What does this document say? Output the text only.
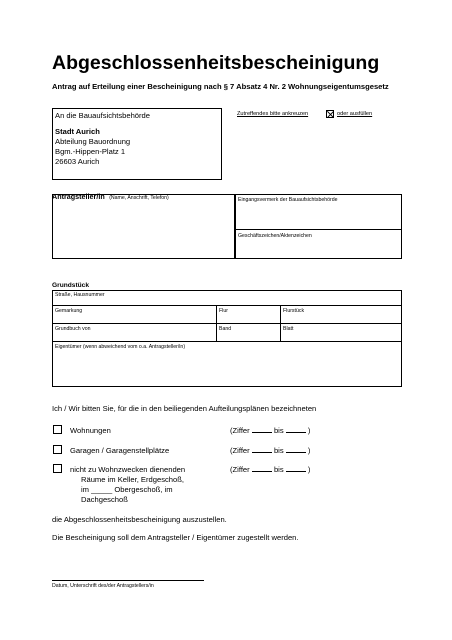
Abgeschlossenheitsbescheinigung
Antrag auf Erteilung einer Bescheinigung nach § 7 Absatz 4 Nr. 2 Wohnungseigentumsgesetz
An die Bauaufsichtsbehörde
Stadt Aurich
Abteilung Bauordnung
Bgm.-Hippen-Platz 1
26603 Aurich
Zutreffendes bitte ankreuzen	oder ausfüllen
Antragsteller/in (Name, Anschrift, Telefon)	Eingangsvermerk der Bauaufsichtsbehörde
Geschäftszeichen/Aktenzeichen
Grundstück
Straße, Hausnummer
Gemarkung	Flur	Flurstück
Grundbuch von	Band	Blatt
Eigentümer (wenn abweichend vom o.a. Antragsteller/in)
Ich / Wir bitten Sie, für die in den beiliegenden Aufteilungsplänen bezeichneten
Wohnungen	(Ziffer	bis	)
Garagen / Garagenstellplätze	(Ziffer	bis	)
nicht zu Wohnzwecken dienenden
Räume im Keller, Erdgeschoß,
im _____ Obergeschoß, im
Dachgeschoß
(Ziffer	bis	)
die Abgeschlossenheitsbescheinigung auszustellen.
Die Bescheinigung soll dem Antragsteller / Eigentümer zugestellt werden.
Datum, Unterschrift des/der Antragstellers/in
